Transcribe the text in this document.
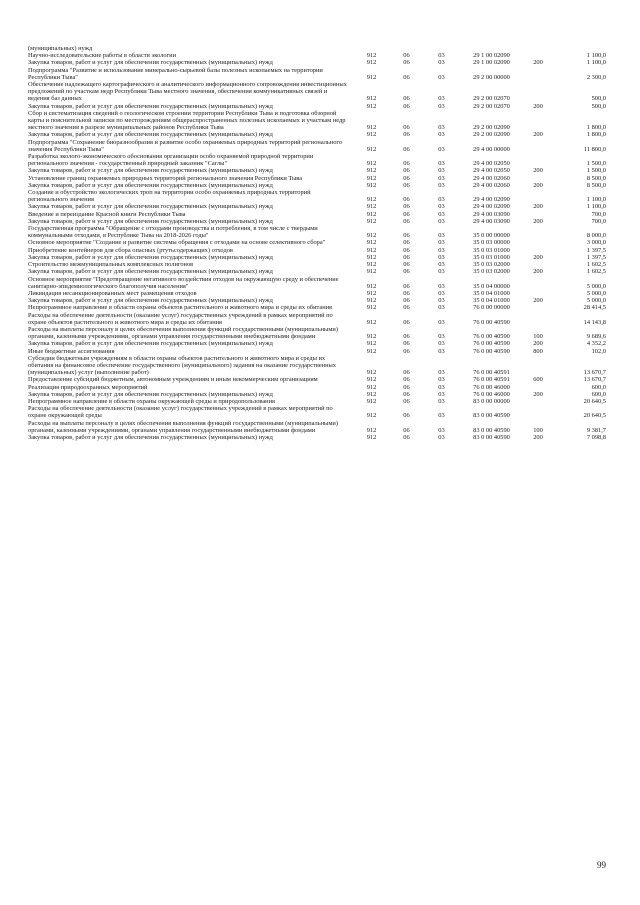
(муниципальных) нужд						
Научно-исследовательские работы в области экологии	912	06	03	29 1 00 02090		1 100,0
Закупка товаров, работ и услуг для обеспечения государственных (муниципальных) нужд	912	06	03	29 1 00 02090	200	1 100,0
Подпрограмма "Развитие и использование минерально-сырьевой базы полезных ископаемых на территории Республики Тыва"	912	06	03	29 2 00 00000		2 300,0
Обеспечение надлежащего картографического и аналитического информационного сопровождения инвестиционных предложений по участкам недр Республики Тыва местного значения, обеспечения коммуникативных связей и ведения баз данных	912	06	03	29 2 00 02070		500,0
Закупка товаров, работ и услуг для обеспечения государственных (муниципальных) нужд	912	06	03	29 2 00 02070	200	500,0
Сбор и систематизация сведений о геологическом строении территории Республики Тыва и подготовка обзорной карты и пояснительной записки по месторождениям общераспространенных полезных ископаемых и участкам недр местного значения в разрезе муниципальных районов Республики Тыва	912	06	03	29 2 00 02090		1 800,0
Закупка товаров, работ и услуг для обеспечения государственных (муниципальных) нужд	912	06	03	29 2 00 02090	200	1 800,0
Подпрограмма "Сохранение биоразнообразия и развитие особо охраняемых природных территорий регионального значения Республики Тыва"	912	06	03	29 4 00 00000		11 800,0
Разработка эколого-экономического обоснования организации особо охраняемой природной территории регионального значения - государственный природный заказник "Саглы"	912	06	03	29 4 00 02050		1 500,0
Закупка товаров, работ и услуг для обеспечения государственных (муниципальных) нужд	912	06	03	29 4 00 02050	200	1 500,0
Установление границ охраняемых природных территорий регионального значения Республики Тыва	912	06	03	29 4 00 02060		8 500,0
Закупка товаров, работ и услуг для обеспечения государственных (муниципальных) нужд	912	06	03	29 4 00 02060	200	8 500,0
Создание и обустройство экологических троп на территории особо охраняемых природных территорий регионального значения	912	06	03	29 4 00 02090		1 100,0
Закупка товаров, работ и услуг для обеспечения государственных (муниципальных) нужд	912	06	03	29 4 00 02090	200	1 100,0
Введение и переиздание Красной книги Республики Тыва	912	06	03	29 4 00 03090		700,0
Закупка товаров, работ и услуг для обеспечения государственных (муниципальных) нужд	912	06	03	29 4 00 03090	200	700,0
Государственная программа "Обращение с отходами производства и потребления, в том числе с твердыми коммунальными отходами, в Республике Тыва на 2018-2026 годы"	912	06	03	35 0 00 00000		8 000,0
Основное мероприятие "Создание и развитие системы обращения с отходами на основе селективного сбора"	912	06	03	35 0 03 00000		3 000,0
Приобретение контейнеров для сбора опасных (ртутьсодержащих) отходов	912	06	03	35 0 03 01000		1 397,5
Закупка товаров, работ и услуг для обеспечения государственных (муниципальных) нужд	912	06	03	35 0 03 01000	200	1 397,5
Строительство межмуниципальных комплексных полигонов	912	06	03	35 0 03 02000		1 602,5
Закупка товаров, работ и услуг для обеспечения государственных (муниципальных) нужд	912	06	03	35 0 03 02000	200	1 602,5
Основное мероприятие "Предотвращение негативного воздействия отходов на окружающую среду и обеспечение санитарно-эпидемиологического благополучия населения"	912	06	03	35 0 04 00000		5 000,0
Ликвидация несанкционированных мест размещения отходов	912	06	03	35 0 04 01000		5 000,0
Закупка товаров, работ и услуг для обеспечения государственных (муниципальных) нужд	912	06	03	35 0 04 01000	200	5 000,0
Непрограммное направление в области охраны объектов растительного и животного мира и среды их обитания	912	06	03	76 0 00 00000		28 414,5
Расходы на обеспечение деятельности (оказание услуг) государственных учреждений в рамках мероприятий по охране объектов растительного и животного мира и среды их обитания	912	06	03	76 0 00 40590		14 143,8
Расходы на выплаты персоналу в целях обеспечения выполнения функций государственными (муниципальными) органами, казенными учреждениями, органами управления государственными внебюджетными фондами	912	06	03	76 0 00 40590	100	9 689,6
Закупка товаров, работ и услуг для обеспечения государственных (муниципальных) нужд	912	06	03	76 0 00 40590	200	4 352,2
Иные бюджетные ассигнования	912	06	03	76 0 00 40590	800	102,0
Субсидии бюджетным учреждениям в области охраны объектов растительного и животного мира и среды их обитания на финансовое обеспечение государственного (муниципального) задания на оказание государственных (муниципальных) услуг (выполнение работ)	912	06	03	76 0 00 40591		13 670,7
Предоставление субсидий бюджетным, автономным учреждениям и иным некоммерческим организациям	912	06	03	76 0 00 40591	600	13 670,7
Реализация природоохранных мероприятий	912	06	03	76 0 00 46000		600,0
Закупка товаров, работ и услуг для обеспечения государственных (муниципальных) нужд	912	06	03	76 0 00 46000	200	600,0
Непрограммное направление в области охраны окружающей среды и природопользования	912	06	03	83 0 00 00000		20 640,5
Расходы на обеспечение деятельности (оказание услуг) государственных учреждений в рамках мероприятий по охране окружающей среды	912	06	03	83 0 00 40590		20 640,5
Расходы на выплаты персоналу в целях обеспечения выполнения функций государственными (муниципальными) органами, казенными учреждениями, органами управления государственными внебюджетными фондами	912	06	03	83 0 00 40590	100	9 381,7
Закупка товаров, работ и услуг для обеспечения государственных (муниципальных) нужд	912	06	03	83 0 00 40590	200	7 098,8
99
